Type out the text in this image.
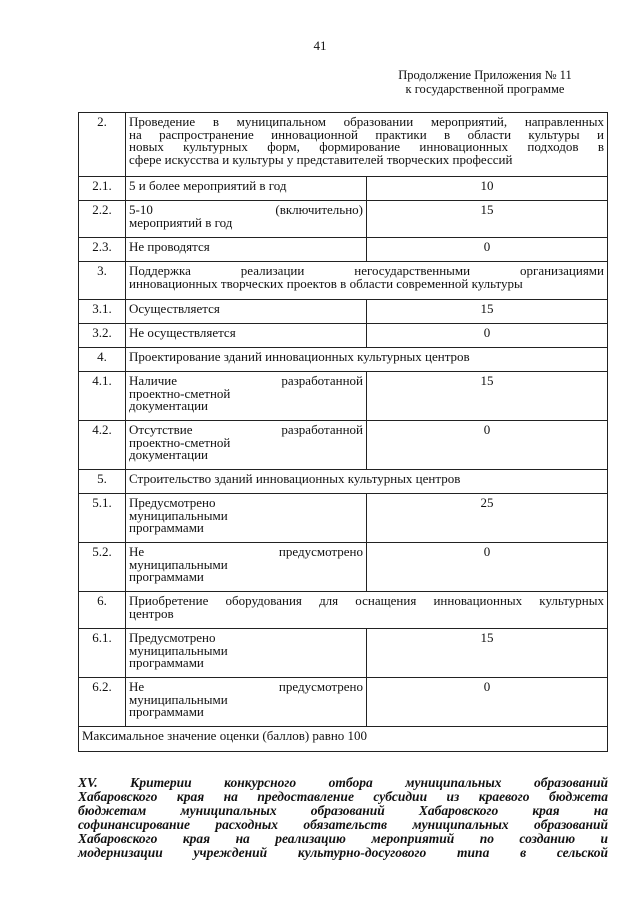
41
Продолжение Приложения № 11
к государственной программе
2.	Проведение в муниципальном образовании мероприятий, направленных
на распространение инновационной практики в области культуры и
новых культурных форм, формирование инновационных подходов в
сфере искусства и культуры у представителей творческих профессий	

2.1.	5 и более мероприятий в год	10
2.2.	5-10 (включительно)
мероприятий в год	15
2.3.	Не проводятся	0
3.	Поддержка реализации негосударственными организациями
инновационных творческих проектов в области современной культуры	

3.1.	Осуществляется	15
3.2.	Не осуществляется	0
4.	Проектирование зданий инновационных культурных центров	

4.1.	Наличие разработанной
проектно-сметной
документации	15
4.2.	Отсутствие разработанной
проектно-сметной
документации	0
5.	Строительство зданий инновационных культурных центров	

5.1.	Предусмотрено
муниципальными
программами	25
5.2.	Не предусмотрено
муниципальными
программами	0
6.	Приобретение оборудования для оснащения инновационных культурных
центров	

6.1.	Предусмотрено
муниципальными
программами	15
6.2.	Не предусмотрено
муниципальными
программами	0
Максимальное значение оценки (баллов) равно 100		
XV. Критерии конкурсного отбора муниципальных образований
Хабаровского края на предоставление субсидии из краевого бюджета
бюджетам муниципальных образований Хабаровского края на
софинансирование расходных обязательств муниципальных образований
Хабаровского края на реализацию мероприятий по созданию и
модернизации учреждений культурно-досугового типа в сельской
